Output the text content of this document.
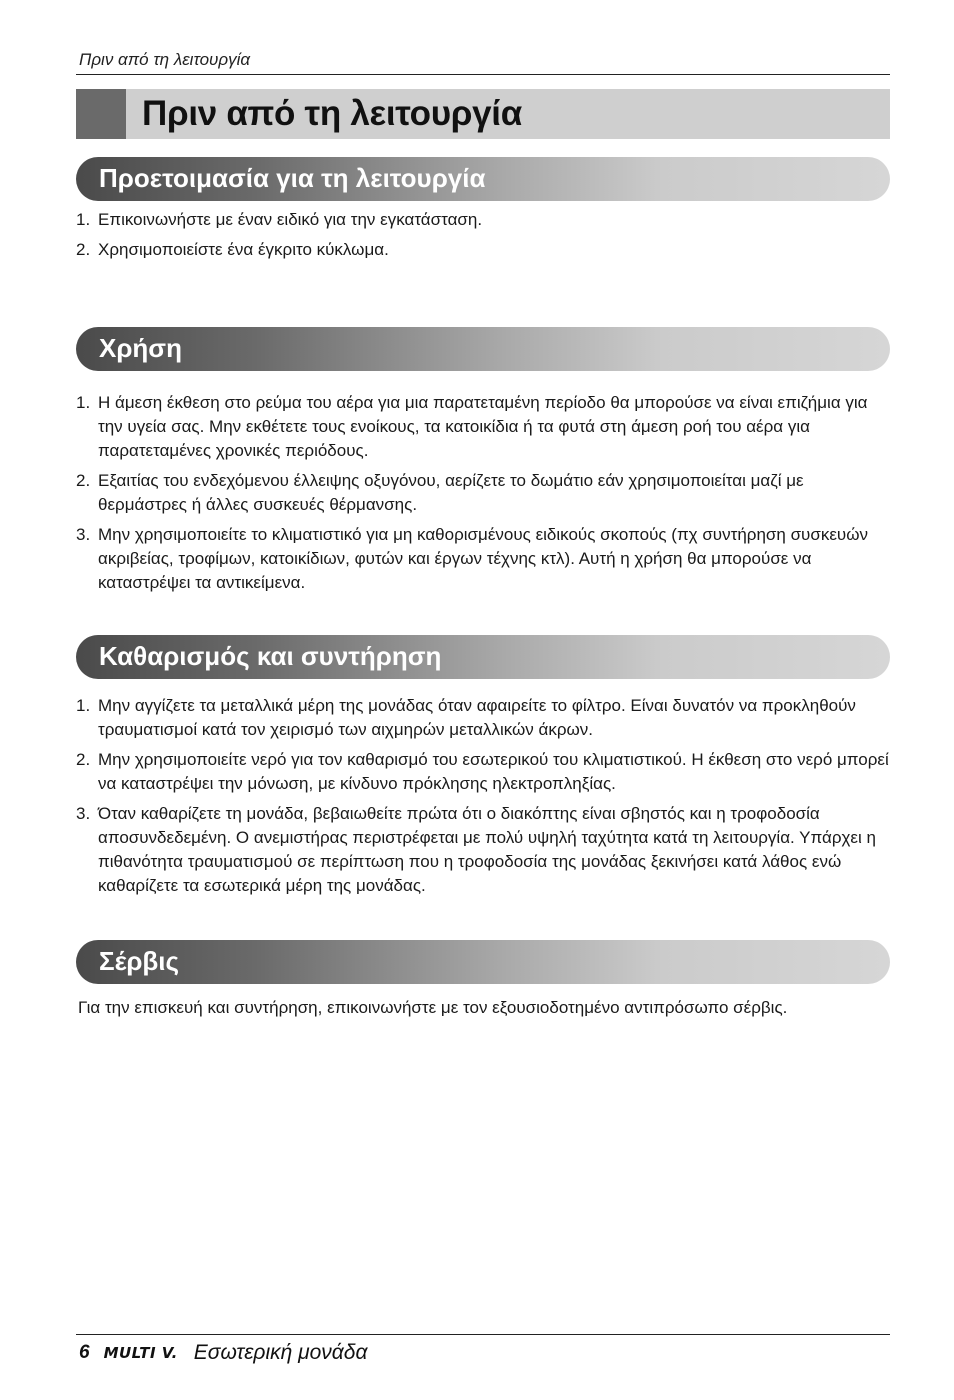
Πριν από τη λειτουργία
Πριν από τη λειτουργία
Προετοιμασία για τη λειτουργία
1. Επικοινωνήστε με έναν ειδικό για την εγκατάσταση.
2. Χρησιμοποιείστε ένα έγκριτο κύκλωμα.
Χρήση
1. Η άμεση έκθεση στο ρεύμα του αέρα για μια παρατεταμένη περίοδο θα μπορούσε να είναι επιζήμια για την υγεία σας. Μην εκθέτετε τους ενοίκους, τα κατοικίδια ή τα φυτά στη άμεση ροή του αέρα για παρατεταμένες χρονικές περιόδους.
2. Εξαιτίας του ενδεχόμενου έλλειψης οξυγόνου, αερίζετε το δωμάτιο εάν χρησιμοποιείται μαζί με θερμάστρες ή άλλες συσκευές θέρμανσης.
3. Μην χρησιμοποιείτε το κλιματιστικό για μη καθορισμένους ειδικούς σκοπούς (πχ συντήρηση συσκευών ακριβείας, τροφίμων, κατοικίδιων, φυτών και έργων τέχνης κτλ). Αυτή η χρήση θα μπορούσε να καταστρέψει τα αντικείμενα.
Καθαρισμός και συντήρηση
1. Μην αγγίζετε τα μεταλλικά μέρη της μονάδας όταν αφαιρείτε το φίλτρο. Είναι δυνατόν να προκληθούν τραυματισμοί κατά τον χειρισμό των αιχμηρών μεταλλικών άκρων.
2. Μην χρησιμοποιείτε νερό για τον καθαρισμό του εσωτερικού του κλιματιστικού. Η έκθεση στο νερό μπορεί να καταστρέψει την μόνωση, με κίνδυνο πρόκλησης ηλεκτροπληξίας.
3. Όταν καθαρίζετε τη μονάδα, βεβαιωθείτε πρώτα ότι ο διακόπτης είναι σβηστός και η τροφοδοσία αποσυνδεδεμένη. Ο ανεμιστήρας περιστρέφεται με πολύ υψηλή ταχύτητα κατά τη λειτουργία. Υπάρχει η πιθανότητα τραυματισμού σε περίπτωση που η τροφοδοσία της μονάδας ξεκινήσει κατά λάθος ενώ καθαρίζετε τα εσωτερικά μέρη της μονάδας.
Σέρβις
Για την επισκευή και συντήρηση, επικοινωνήστε με τον εξουσιοδοτημένο αντιπρόσωπο σέρβις.
6 MULTI V. Εσωτερική μονάδα
